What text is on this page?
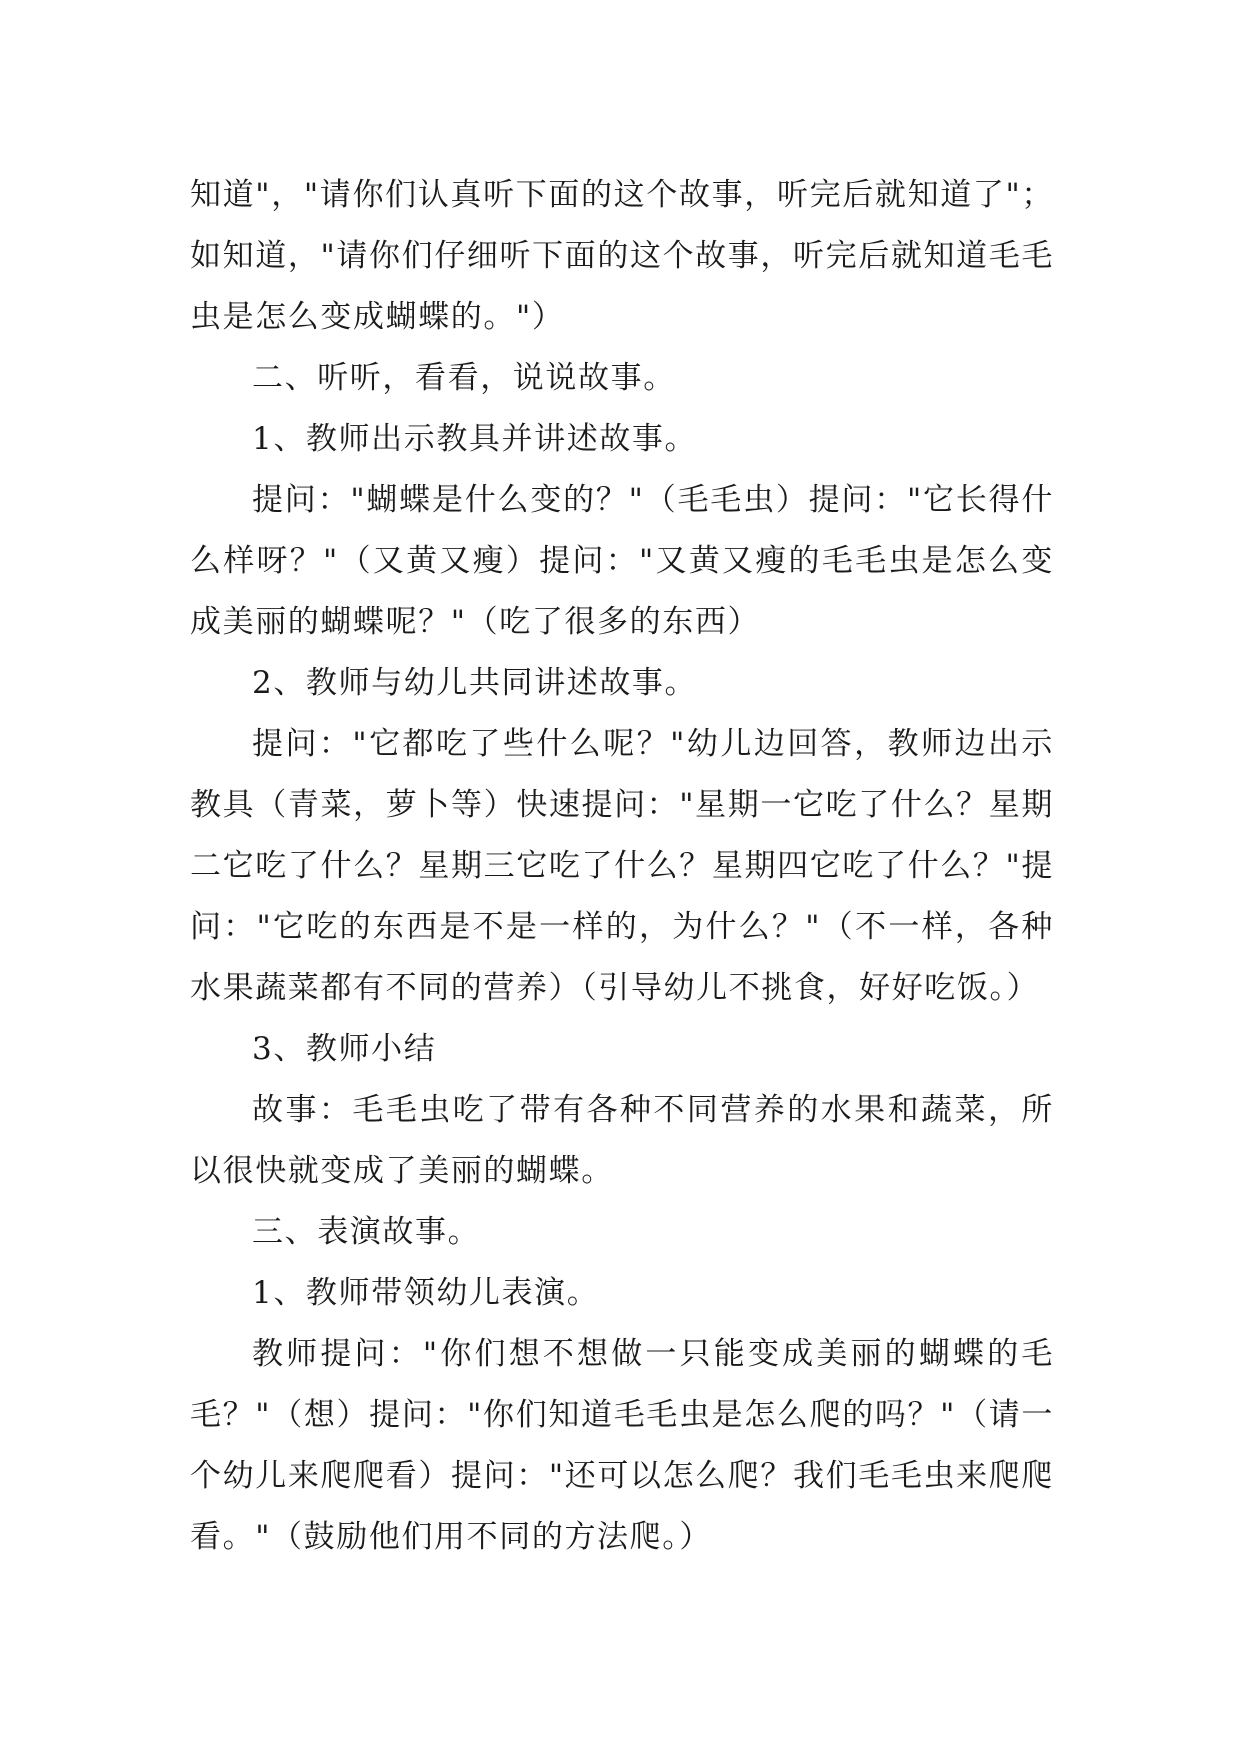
知道"，"请你们认真听下面的这个故事，听完后就知道了"；如知道，"请你们仔细听下面的这个故事，听完后就知道毛毛虫是怎么变成蝴蝶的。"）

二、听听，看看，说说故事。

1、教师出示教具并讲述故事。

提问："蝴蝶是什么变的？"（毛毛虫）提问："它长得什么样呀？"（又黄又瘦）提问："又黄又瘦的毛毛虫是怎么变成美丽的蝴蝶呢？"（吃了很多的东西）

2、教师与幼儿共同讲述故事。

提问："它都吃了些什么呢？"幼儿边回答，教师边出示教具（青菜，萝卜等）快速提问："星期一它吃了什么？星期二它吃了什么？星期三它吃了什么？星期四它吃了什么？"提问："它吃的东西是不是一样的，为什么？"（不一样，各种水果蔬菜都有不同的营养）（引导幼儿不挑食，好好吃饭。）

3、教师小结

故事：毛毛虫吃了带有各种不同营养的水果和蔬菜，所以很快就变成了美丽的蝴蝶。

三、表演故事。

1、教师带领幼儿表演。

教师提问："你们想不想做一只能变成美丽的蝴蝶的毛毛？"（想）提问："你们知道毛毛虫是怎么爬的吗？"（请一个幼儿来爬爬看）提问："还可以怎么爬？我们毛毛虫来爬爬看。"（鼓励他们用不同的方法爬。）
